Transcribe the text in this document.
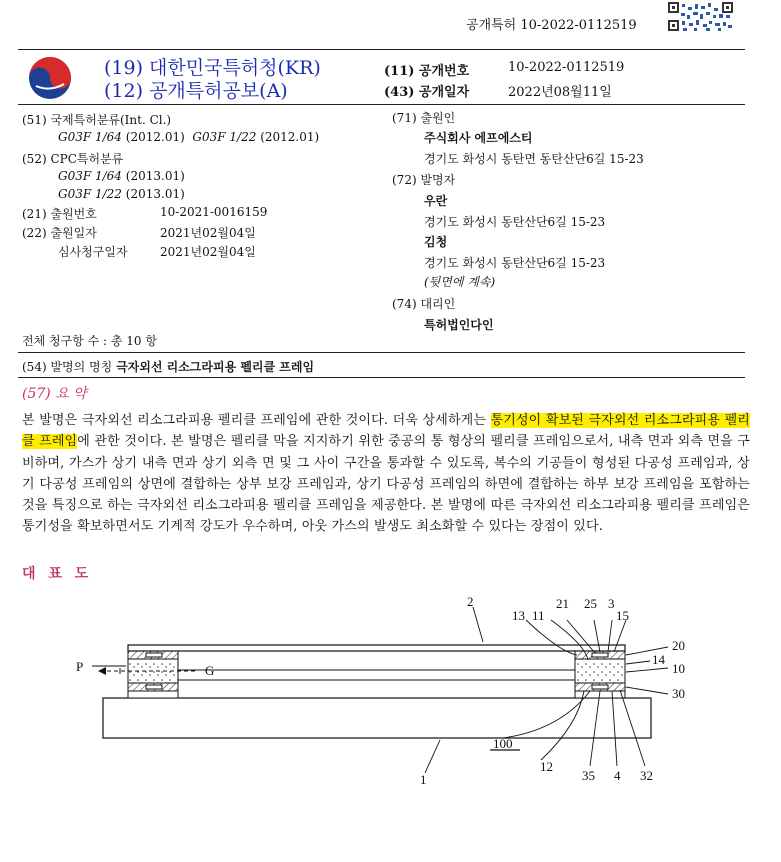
공개특허 10-2022-0112519
(19) 대한민국특허청(KR)
(12) 공개특허공보(A)
(11) 공개번호	10-2022-0112519
(43) 공개일자	2022년08월11일
(51) 국제특허분류(Int. Cl.)
G03F 1/64 (2012.01) G03F 1/22 (2012.01)
(52) CPC특허분류
G03F 1/64 (2013.01)
G03F 1/22 (2013.01)
(21) 출원번호	10-2021-0016159
(22) 출원일자	2021년02월04일
심사청구일자	2021년02월04일
전체 청구항 수 : 총 10 항
(71) 출원인
주식회사 에프에스티
경기도 화성시 동탄면 동탄산단6길 15-23
(72) 발명자
우란
경기도 화성시 동탄산단6길 15-23
김청
경기도 화성시 동탄산단6길 15-23
(뒷면에 계속)
(74) 대리인
특허법인다인
(54) 발명의 명칭 극자외선 리소그라피용 펠리클 프레임
(57) 요 약
본 발명은 극자외선 리소그라피용 펠리클 프레임에 관한 것이다. 더욱 상세하게는 통기성이 확보된 극자외선 리소그라피용 펠리클 프레임에 관한 것이다. 본 발명은 펠리클 막을 지지하기 위한 중공의 통 형상의 펠리클 프레임으로서, 내측 면과 외측 면을 구비하며, 가스가 상기 내측 면과 상기 외측 면 및 그 사이 구간을 통과할 수 있도록, 복수의 기공들이 형성된 다공성 프레임과, 상기 다공성 프레임의 상면에 결합하는 상부 보강 프레임과, 상기 다공성 프레임의 하면에 결합하는 하부 보강 프레임을 포함하는 것을 특징으로 하는 극자외선 리소그라피용 펠리클 프레임을 제공한다. 본 발명에 따른 극자외선 리소그라피용 펠리클 프레임은 통기성을 확보하면서도 기계적 강도가 우수하며, 아웃 가스의 발생도 최소화할 수 있다는 장점이 있다.
대 표 도
2	21 25 3
13 11	15
20
14
10
30
P	G
100
12
35 4 32
1
